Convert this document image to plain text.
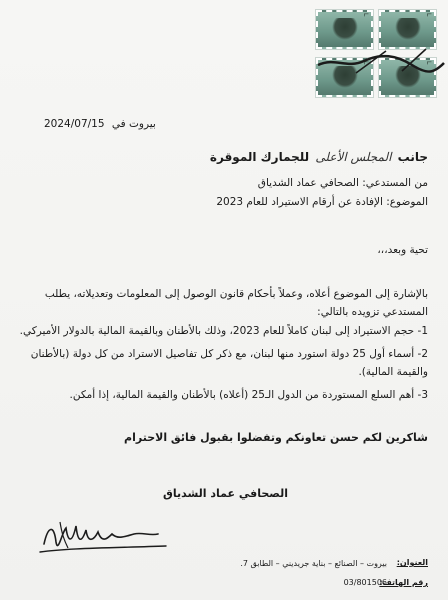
L	L
L	L
2024/07/15 بيروت في
جانب المجلس الأعلى للجمارك الموقرة
من المستدعي: الصحافي عماد الشدياق
الموضوع: الإفادة عن أرقام الاستيراد للعام 2023
تحية وبعد،،،
بالإشارة إلى الموضوع أعلاه، وعملاً بأحكام قانون الوصول إلى المعلومات وتعديلاته، يطلب المستدعي تزويده بالتالي:
1- حجم الاستيراد إلى لبنان كاملاً للعام 2023، وذلك بالأطنان وبالقيمة المالية بالدولار الأميركي.
2- أسماء أول 25 دولة استورد منها لبنان، مع ذكر كل تفاصيل الاستراد من كل دولة (بالأطنان والقيمة المالية).
3- أهم السلع المستوردة من الدول الـ25 (أعلاه) بالأطنان والقيمة المالية، إذا أمكن.
شاكرين لكم حسن تعاونكم وتفضلوا بقبول فائق الاحترام
الصحافي عماد الشدياق
العنوان:
بيروت – الصنائع – بناية جريديني – الطابق 7.
رقم الهاتف:
03/801506
